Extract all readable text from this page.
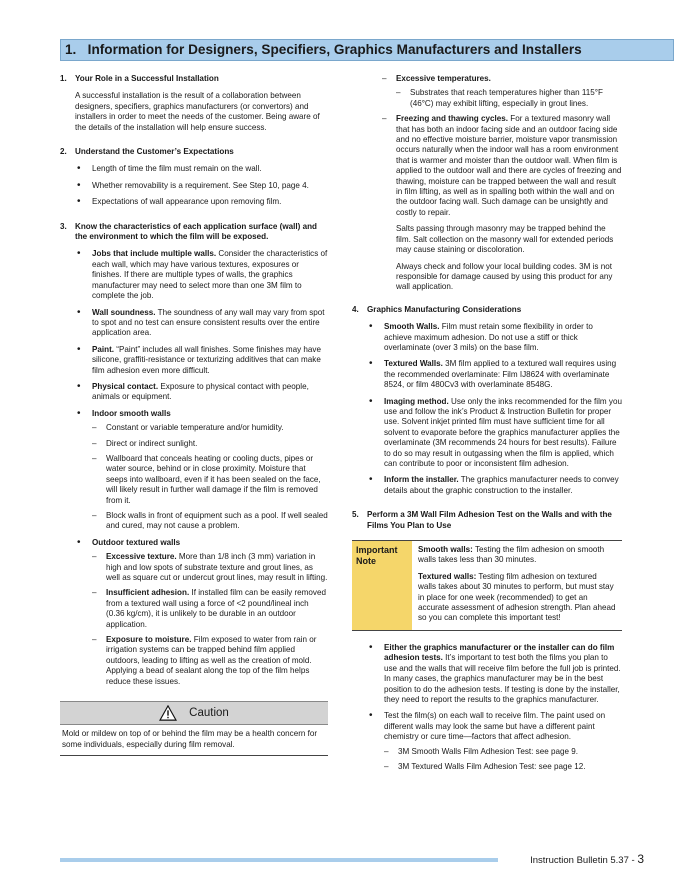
1.   Information for Designers, Specifiers, Graphics Manufacturers and Installers
1.	Your Role in a Successful Installation

A successful installation is the result of a collaboration between designers, specifiers, graphics manufacturers (or convertors) and installers in order to meet the needs of the customer. Being aware of the details of the installation will help ensure success.

2.	Understand the Customer’s Expectations
• Length of time the film must remain on the wall.
• Whether removability is a requirement. See Step 10, page 4.
• Expectations of wall appearance upon removing film.
3.	Know the characteristics of each application surface (wall) and the environment to which the film will be exposed.
• Jobs that include multiple walls. Consider the characteristics of each wall, which may have various textures, exposures or finishes. If there are multiple types of walls, the graphics manufacturer may need to select more than one 3M film to complete the job.
• Wall soundness. The soundness of any wall may vary from spot to spot and no test can ensure consistent results over the entire application area.
• Paint. “Paint” includes all wall finishes. Some finishes may have silicone, graffiti-resistance or texturizing additives that can make film adhesion even more difficult.
• Physical contact. Exposure to physical contact with people, animals or equipment.
• Indoor smooth walls
– Constant or variable temperature and/or humidity.
– Direct or indirect sunlight.
– Wallboard that conceals heating or cooling ducts, pipes or water source, behind or in close proximity. Moisture that seeps into wallboard, even if it has been sealed on the face, will likely result in further wall damage if the film is removed from it.
– Block walls in front of equipment such as a pool. If well sealed and cured, may not cause a problem.
• Outdoor textured walls
– Excessive texture. More than 1/8 inch (3 mm) variation in high and low spots of substrate texture and grout lines, as well as square cut or undercut grout lines, may result in lifting.
– Insufficient adhesion. If installed film can be easily removed from a textured wall using a force of <2 pound/lineal inch (0.36 kg/cm), it is unlikely to be durable in an outdoor application.
– Exposure to moisture. Film exposed to water from rain or irrigation systems can be trapped behind film applied outdoors, leading to lifting as well as the creation of mold. Applying a bead of sealant along the top of the film helps reduce these issues.
Caution
Mold or mildew on top of or behind the film may be a health concern for some individuals, especially during film removal.
– Excessive temperatures.
– Substrates that reach temperatures higher than 115°F (46°C) may exhibit lifting, especially in grout lines.
– Freezing and thawing cycles. For a textured masonry wall that has both an indoor facing side and an outdoor facing side and no effective moisture barrier, moisture vapor transmission occurs naturally when the indoor wall has a room environment that is warmer and moister than the outdoor wall. When film is applied to the outdoor wall and there are cycles of freezing and thawing, moisture can be trapped between the wall and result in film lifting, as well as in spalling both within the wall and on the outdoor facing wall. Such damage can be unsightly and costly to repair.

Salts passing through masonry may be trapped behind the film. Salt collection on the masonry wall for extended periods may cause staining or discoloration.

Always check and follow your local building codes. 3M is not responsible for damage caused by using this product for any wall application.

4.	Graphics Manufacturing Considerations
• Smooth Walls. Film must retain some flexibility in order to achieve maximum adhesion. Do not use a stiff or thick overlaminate (over 3 mils) on the base film.
• Textured Walls. 3M film applied to a textured wall requires using the recommended overlaminate: Film IJ8624 with overlaminate 8524, or film 480Cv3 with overlaminate 8548G.
• Imaging method. Use only the inks recommended for the film you use and follow the ink’s Product & Instruction Bulletin for proper use. Solvent inkjet printed film must have sufficient time for all solvent to evaporate before the graphics manufacturer applies the overlaminate (3M recommends 24 hours for best results). Failure to do so may result in outgassing when the film is applied, which can contribute to poor or inconsistent film adhesion.
• Inform the installer. The graphics manufacturer needs to convey details about the graphic construction to the installer.
5.	Perform a 3M Wall Film Adhesion Test on the Walls and with the Films You Plan to Use
Important Note	

Smooth walls: Testing the film adhesion on smooth walls takes less than 30 minutes.

Textured walls: Testing film adhesion on textured walls takes about 30 minutes to perform, but must stay in place for one week (recommended) to get an accurate assessment of adhesion strength. Plan ahead so you can complete this important test!

• Either the graphics manufacturer or the installer can do film adhesion tests. It’s important to test both the films you plan to use and the walls that will receive film before the full job is printed. In many cases, the graphics manufacturer may be in the best position to do the adhesion tests. If testing is done by the installer, they need to report the results to the graphics manufacturer.
• Test the film(s) on each wall to receive film. The paint used on different walls may look the same but have a different paint chemistry or cure time—factors that affect adhesion.
– 3M Smooth Walls Film Adhesion Test: see page 9.
– 3M Textured Walls Film Adhesion Test: see page 12.
Instruction Bulletin 5.37 - 3
